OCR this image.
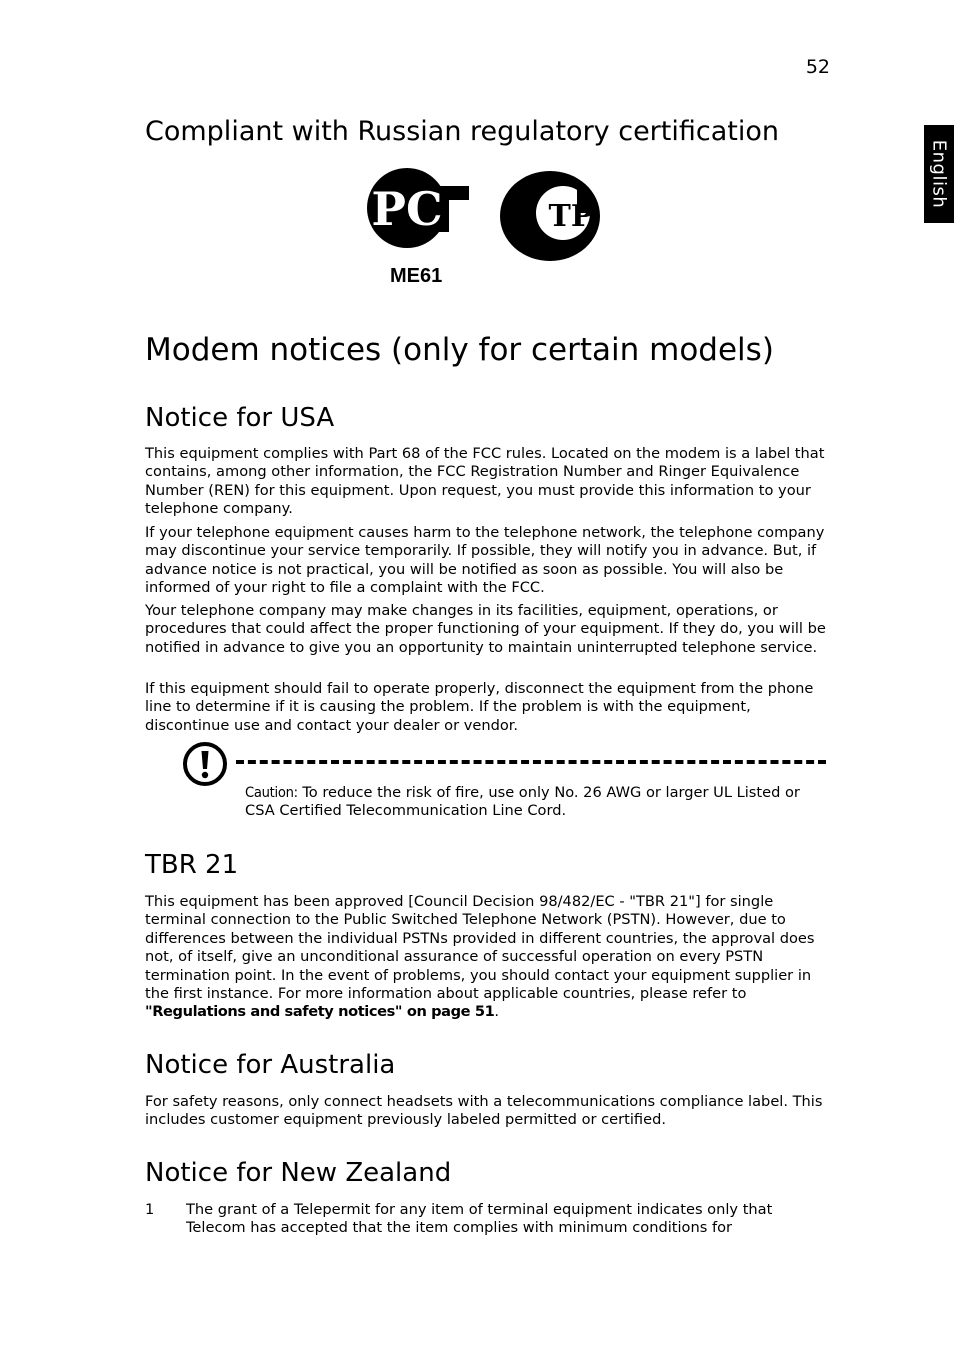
52
English
Compliant with Russian regulatory certification
PC T	TP
ME61
Modem notices (only for certain models)
Notice for USA

This equipment complies with Part 68 of the FCC rules. Located on the modem is a label that contains, among other information, the FCC Registration Number and Ringer Equivalence Number (REN) for this equipment. Upon request, you must provide this information to your telephone company.

If your telephone equipment causes harm to the telephone network, the telephone company may discontinue your service temporarily. If possible, they will notify you in advance. But, if advance notice is not practical, you will be notified as soon as possible. You will also be informed of your right to file a complaint with the FCC.

Your telephone company may make changes in its facilities, equipment, operations, or procedures that could affect the proper functioning of your equipment. If they do, you will be notified in advance to give you an opportunity to maintain uninterrupted telephone service.

If this equipment should fail to operate properly, disconnect the equipment from the phone line to determine if it is causing the problem. If the problem is with the equipment, discontinue use and contact your dealer or vendor.

Caution: To reduce the risk of fire, use only No. 26 AWG or larger UL Listed or CSA Certified Telecommunication Line Cord.
TBR 21

This equipment has been approved [Council Decision 98/482/EC - "TBR 21"] for single terminal connection to the Public Switched Telephone Network (PSTN). However, due to differences between the individual PSTNs provided in different countries, the approval does not, of itself, give an unconditional assurance of successful operation on every PSTN termination point. In the event of problems, you should contact your equipment supplier in the first instance. For more information about applicable countries, please refer to "Regulations and safety notices" on page 51.

Notice for Australia

For safety reasons, only connect headsets with a telecommunications compliance label. This includes customer equipment previously labeled permitted or certified.

Notice for New Zealand
1 The grant of a Telepermit for any item of terminal equipment indicates only that Telecom has accepted that the item complies with minimum conditions for
